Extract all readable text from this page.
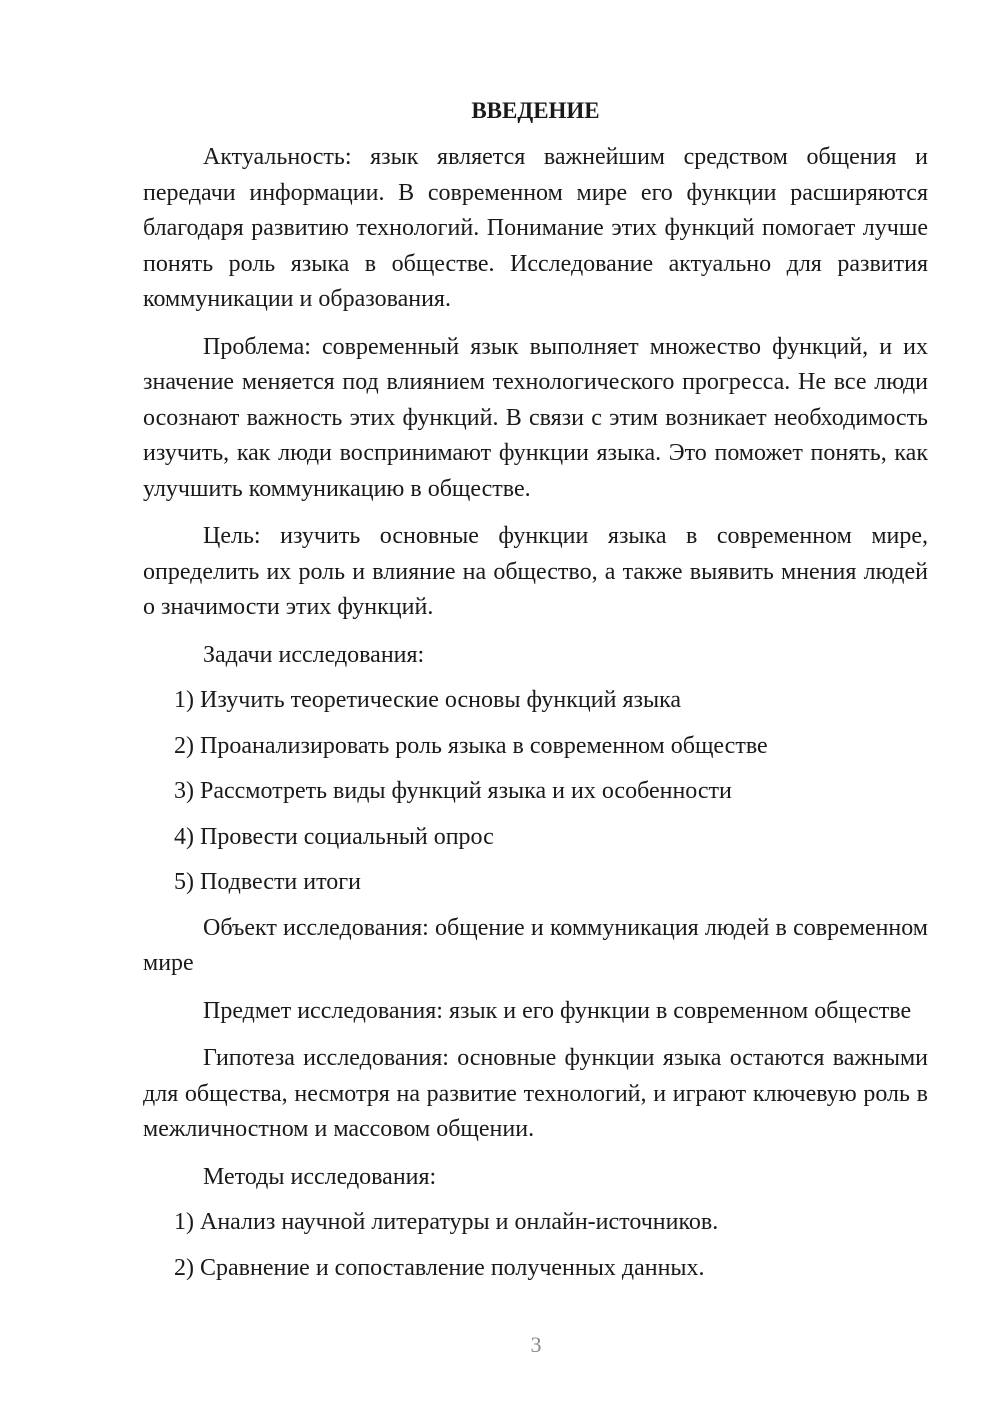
ВВЕДЕНИЕ

Актуальность: язык является важнейшим средством общения и передачи информации. В современном мире его функции расширяются благодаря развитию технологий. Понимание этих функций помогает лучше понять роль языка в обществе. Исследование актуально для развития коммуникации и образования.

Проблема: современный язык выполняет множество функций, и их значение меняется под влиянием технологического прогресса. Не все люди осознают важность этих функций. В связи с этим возникает необходимость изучить, как люди воспринимают функции языка. Это поможет понять, как улучшить коммуникацию в обществе.

Цель: изучить основные функции языка в современном мире, определить их роль и влияние на общество, а также выявить мнения людей о значимости этих функций.

Задачи исследования:

1) Изучить теоретические основы функций языка

2) Проанализировать роль языка в современном обществе

3) Рассмотреть виды функций языка и их особенности

4) Провести социальный опрос

5) Подвести итоги

Объект исследования: общение и коммуникация людей в современном мире

Предмет исследования: язык и его функции в современном обществе

Гипотеза исследования: основные функции языка остаются важными для общества, несмотря на развитие технологий, и играют ключевую роль в межличностном и массовом общении.

Методы исследования:

1) Анализ научной литературы и онлайн-источников.

2) Сравнение и сопоставление полученных данных.

3
